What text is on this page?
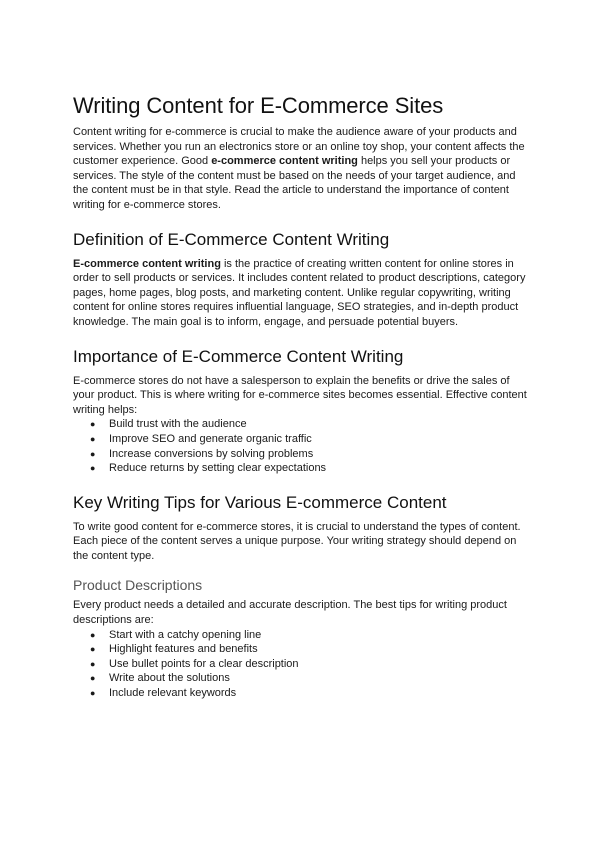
Writing Content for E-Commerce Sites

Content writing for e-commerce is crucial to make the audience aware of your products and services. Whether you run an electronics store or an online toy shop, your content affects the customer experience. Good e-commerce content writing helps you sell your products or services. The style of the content must be based on the needs of your target audience, and the content must be in that style. Read the article to understand the importance of content writing for e-commerce stores.

Definition of E-Commerce Content Writing

E-commerce content writing is the practice of creating written content for online stores in order to sell products or services. It includes content related to product descriptions, category pages, home pages, blog posts, and marketing content. Unlike regular copywriting, writing content for online stores requires influential language, SEO strategies, and in-depth product knowledge. The main goal is to inform, engage, and persuade potential buyers.

Importance of E-Commerce Content Writing

E-commerce stores do not have a salesperson to explain the benefits or drive the sales of your product. This is where writing for e-commerce sites becomes essential. Effective content writing helps:

● Build trust with the audience
● Improve SEO and generate organic traffic
● Increase conversions by solving problems
● Reduce returns by setting clear expectations
Key Writing Tips for Various E-commerce Content

To write good content for e-commerce stores, it is crucial to understand the types of content. Each piece of the content serves a unique purpose. Your writing strategy should depend on the content type.

Product Descriptions

Every product needs a detailed and accurate description. The best tips for writing product descriptions are:

● Start with a catchy opening line
● Highlight features and benefits
● Use bullet points for a clear description
● Write about the solutions
● Include relevant keywords
